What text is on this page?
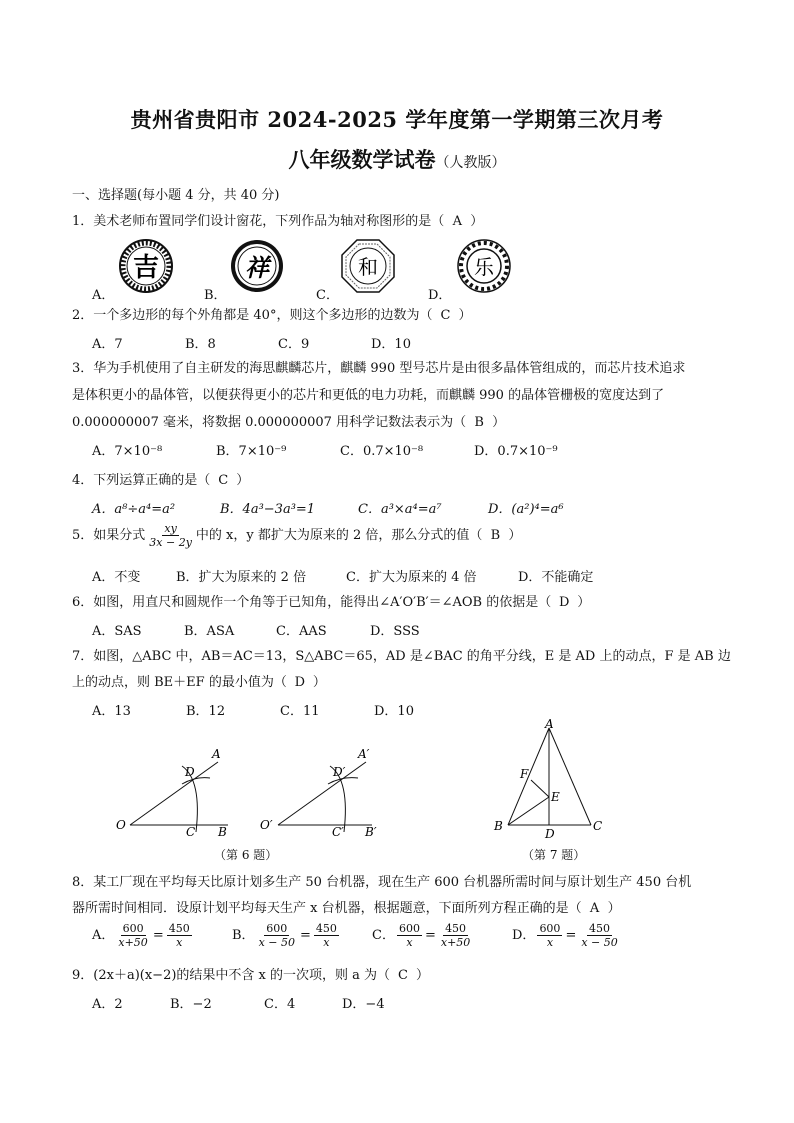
贵州省贵阳市 2024-2025 学年度第一学期第三次月考
八年级数学试卷（人教版）
一、选择题(每小题 4 分，共 40 分)
1．美术老师布置同学们设计窗花，下列作品为轴对称图形的是（ A ）
A．	B．	C．	D．
吉	祥	和	乐
2．一个多边形的每个外角都是 40°，则这个多边形的边数为（ C ）
A．7	B．8	C．9	D．10
3．华为手机使用了自主研发的海思麒麟芯片，麒麟 990 型号芯片是由很多晶体管组成的，而芯片技术追求
是体积更小的晶体管，以便获得更小的芯片和更低的电力功耗，而麒麟 990 的晶体管栅极的宽度达到了
0.000000007 毫米，将数据 0.000000007 用科学记数法表示为（ B ）
A．7×10⁻⁸	B．7×10⁻⁹	C．0.7×10⁻⁸	D．0.7×10⁻⁹
4．下列运算正确的是（ C ）
A．a⁸÷a⁴=a²	B．4a³−3a³=1	C．a³×a⁴=a⁷	D．(a²)⁴=a⁶
5．如果分式 $\frac{xy}{3x - 2y}$ 中的 x，y 都扩大为原来的 2 倍，那么分式的值（ B ）
A．不变	B．扩大为原来的 2 倍	C．扩大为原来的 4 倍	D．不能确定
6．如图，用直尺和圆规作一个角等于已知角，能得出∠A′O′B′＝∠AOB 的依据是（ D ）
A．SAS	B．ASA	C．AAS	D．SSS
7．如图，△ABC 中，AB＝AC＝13，S△ABC＝65，AD 是∠BAC 的角平分线，E 是 AD 上的动点，F 是 AB 边
上的动点，则 BE＋EF 的最小值为（ D ）
A．13	B．12	C．11	D．10
O
A
D
C B	O′
A′
D′
C′ B′
（第 6 题）
A
F
E
B
D
C
（第 7 题）
8．某工厂现在平均每天比原计划多生产 50 台机器，现在生产 600 台机器所需时间与原计划生产 450 台机
器所需时间相同．设原计划平均每天生产 x 台机器，根据题意，下面所列方程正确的是（ A ）
A． $\frac{600}{x+50} = \frac{450}{x}$	B． $\frac{600}{x - 50} = \frac{450}{x}$	C． $\frac{600}{x} = \frac{450}{x+50}$	D． $\frac{600}{x} = \frac{450}{x - 50}$
9．(2x＋a)(x−2)的结果中不含 x 的一次项，则 a 为（ C ）
A．2	B．−2	C．4	D．−4
